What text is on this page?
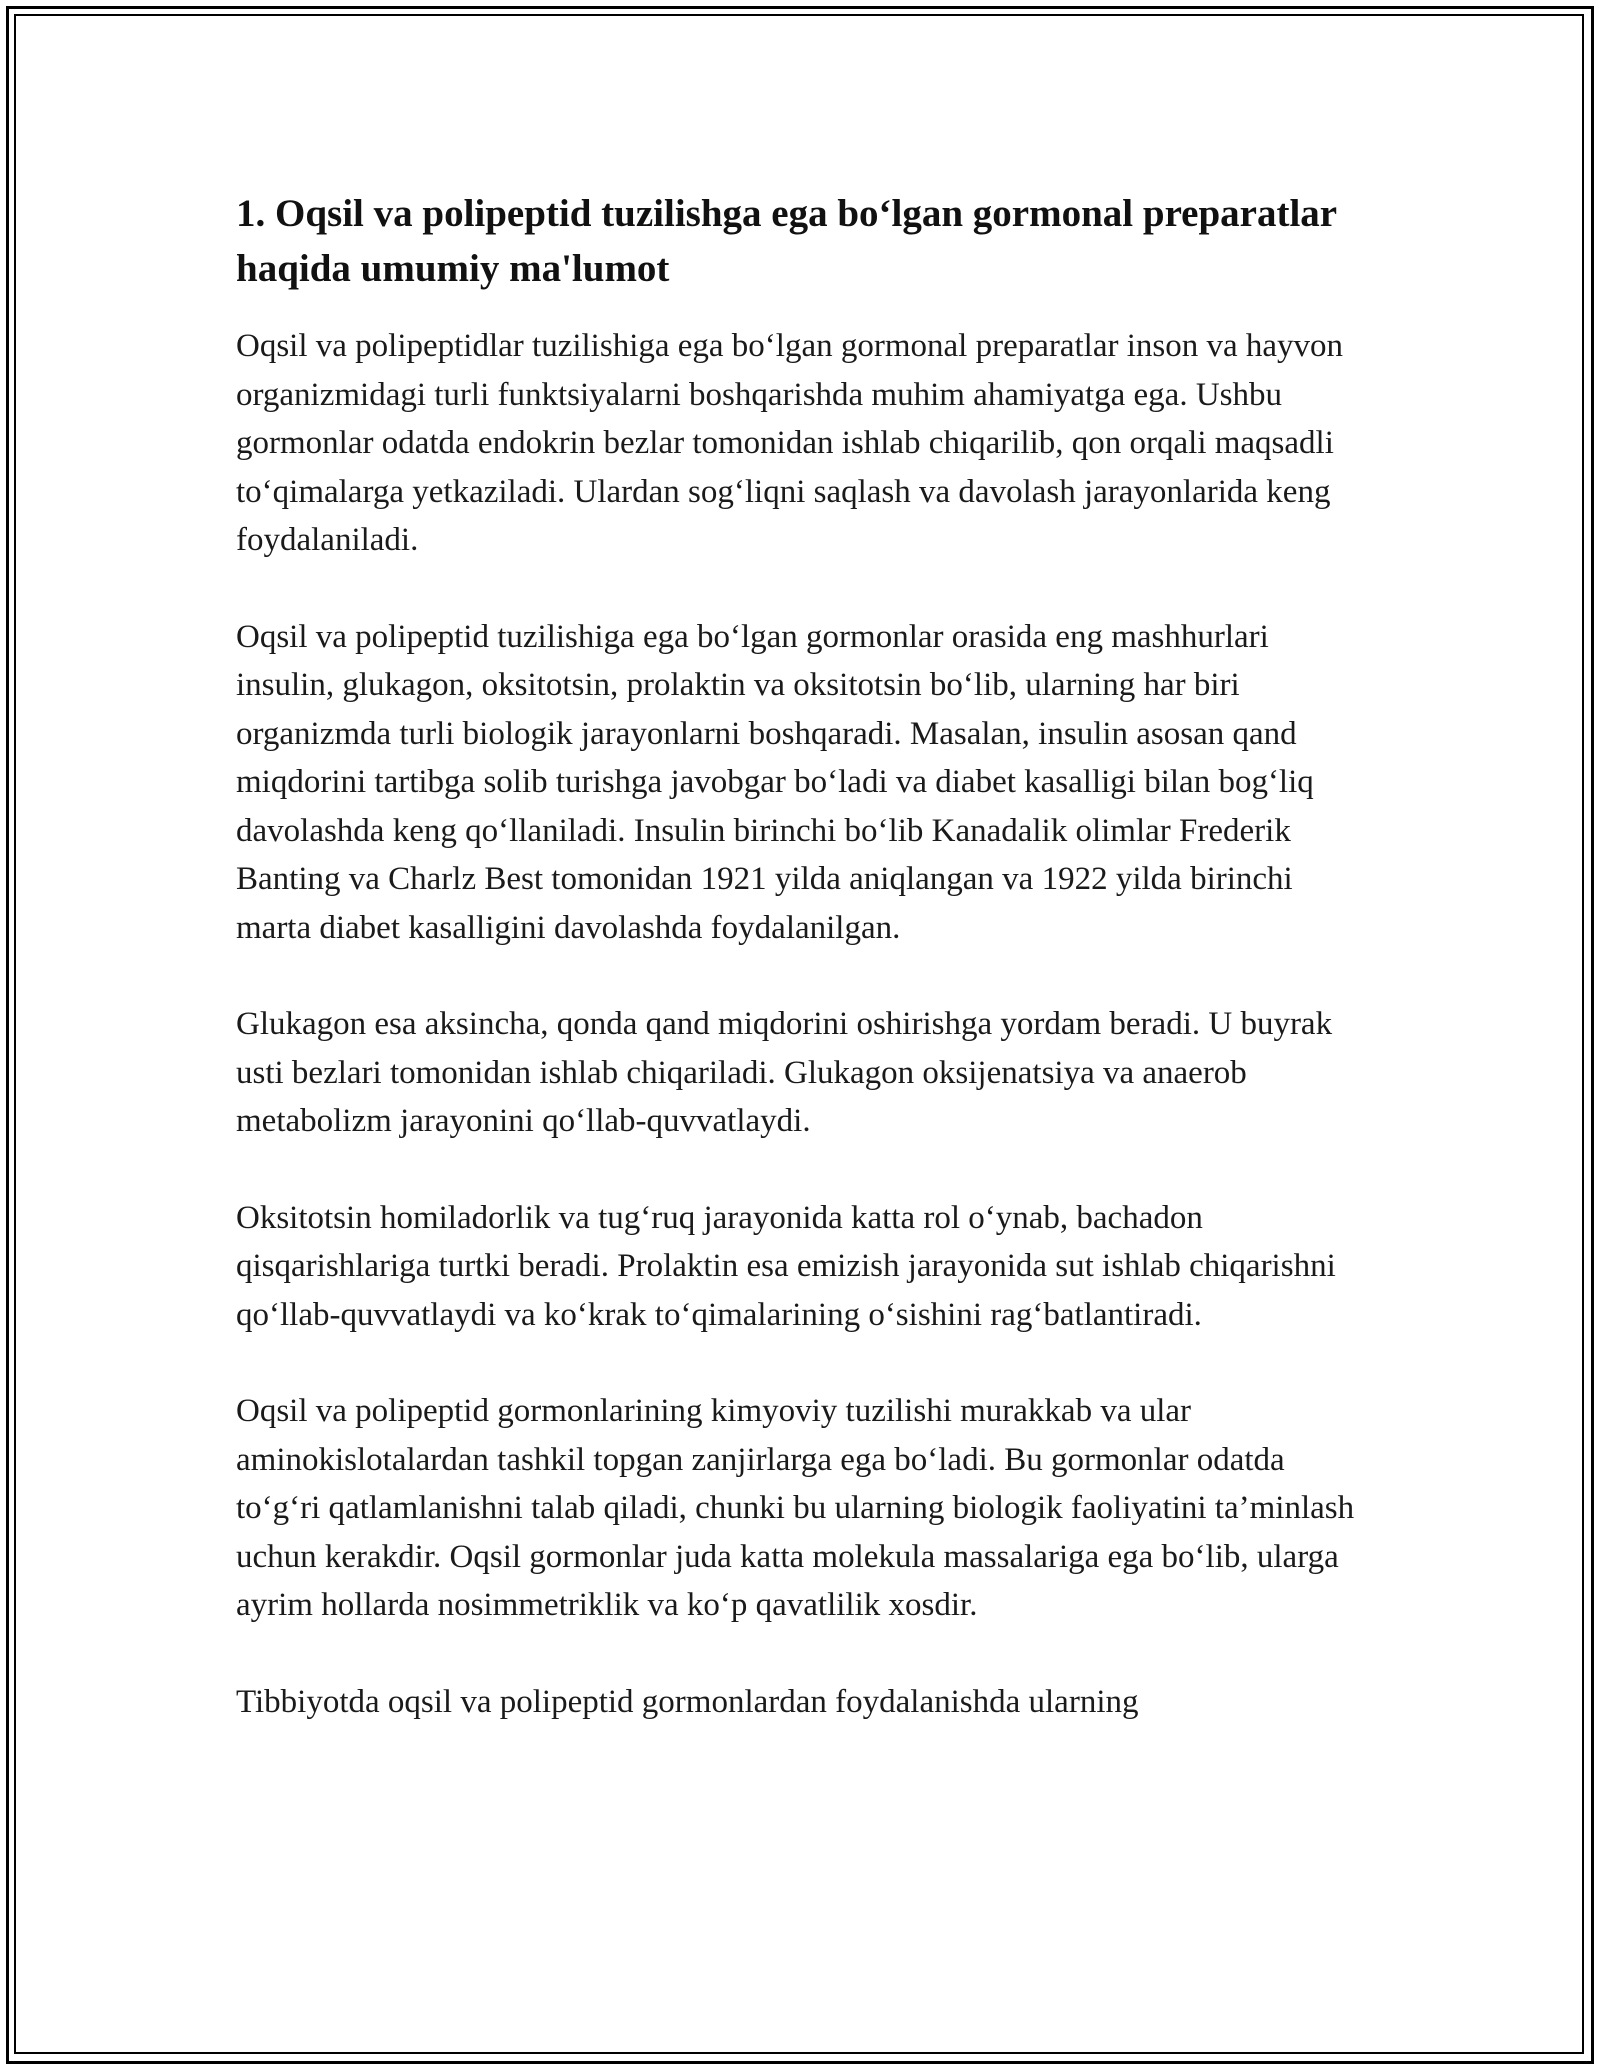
1. Oqsil va polipeptid tuzilishga ega bo‘lgan gormonal preparatlar haqida umumiy ma'lumot

Oqsil va polipeptidlar tuzilishiga ega bo‘lgan gormonal preparatlar inson va hayvon organizmidagi turli funktsiyalarni boshqarishda muhim ahamiyatga ega. Ushbu gormonlar odatda endokrin bezlar tomonidan ishlab chiqarilib, qon orqali maqsadli to‘qimalarga yetkaziladi. Ulardan sog‘liqni saqlash va davolash jarayonlarida keng foydalaniladi.

Oqsil va polipeptid tuzilishiga ega bo‘lgan gormonlar orasida eng mashhurlari insulin, glukagon, oksitotsin, prolaktin va oksitotsin bo‘lib, ularning har biri organizmda turli biologik jarayonlarni boshqaradi. Masalan, insulin asosan qand miqdorini tartibga solib turishga javobgar bo‘ladi va diabet kasalligi bilan bog‘liq davolashda keng qo‘llaniladi. Insulin birinchi bo‘lib Kanadalik olimlar Frederik Banting va Charlz Best tomonidan 1921 yilda aniqlangan va 1922 yilda birinchi marta diabet kasalligini davolashda foydalanilgan.

Glukagon esa aksincha, qonda qand miqdorini oshirishga yordam beradi. U buyrak usti bezlari tomonidan ishlab chiqariladi. Glukagon oksijenatsiya va anaerob metabolizm jarayonini qo‘llab-quvvatlaydi.

Oksitotsin homiladorlik va tug‘ruq jarayonida katta rol o‘ynab, bachadon qisqarishlariga turtki beradi. Prolaktin esa emizish jarayonida sut ishlab chiqarishni qo‘llab-quvvatlaydi va ko‘krak to‘qimalarining o‘sishini rag‘batlantiradi.

Oqsil va polipeptid gormonlarining kimyoviy tuzilishi murakkab va ular aminokislotalardan tashkil topgan zanjirlarga ega bo‘ladi. Bu gormonlar odatda to‘g‘ri qatlamlanishni talab qiladi, chunki bu ularning biologik faoliyatini ta’minlash uchun kerakdir. Oqsil gormonlar juda katta molekula massalariga ega bo‘lib, ularga ayrim hollarda nosimmetriklik va ko‘p qavatlilik xosdir.

Tibbiyotda oqsil va polipeptid gormonlardan foydalanishda ularning
